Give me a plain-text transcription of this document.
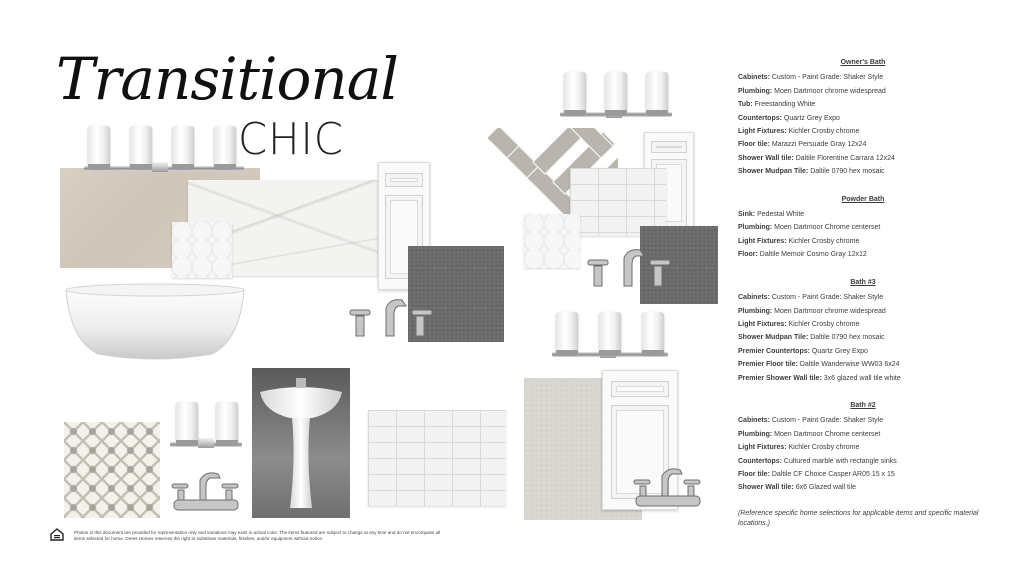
Transitional
CHIC
Owner's Bath
Cabinets: Custom - Paint Grade: Shaker Style
Plumbing: Moen Dartmoor chrome widespread
Tub: Freestanding White
Countertops: Quartz Grey Expo
Light Fixtures: Kichler Crosby chrome
Floor tile: Marazzi Persuade Gray 12x24
Shower Wall tile: Daltile Florentine Carrara 12x24
Shower Mudpan Tile: Daltile 0790 hex mosaic
Powder Bath
Sink: Pedestal White
Plumbing: Moen Dartmoor Chrome centerset
Light Fixtures: Kichler Crosby chrome
Floor: Daltile Memoir Cosmo Gray 12x12
Bath #3
Cabinets: Custom - Paint Grade: Shaker Style
Plumbing: Moen Dartmoor chrome widespread
Light Fixtures: Kichler Crosby chrome
Shower Mudpan Tile: Daltile 0790 hex mosaic
Premier Countertops: Quartz Grey Expo
Premier Floor tile: Daltile Wanderwise WW03 6x24
Premier Shower Wall tile: 3x6 glazed wall tile white
Bath #2
Cabinets: Custom - Paint Grade: Shaker Style
Plumbing: Moen Dartmoor Chrome centerset
Light Fixtures: Kichler Crosby chrome
Countertops: Cultured marble with rectangle sinks
Floor tile: Daltile CF Choice Casper AR05 15 x 15
Shower Wall tile: 6x6 Glazed wall tile
(Reference specific home selections for applicable items and specific material locations.)
Photos in this document are provided for representation only and variations may exist in actual color. The items featured are subject to change at any time and do not encompass all items selected for home. Drees Homes reserves the right to substitute materials, finishes, and/or equipment without notice.
